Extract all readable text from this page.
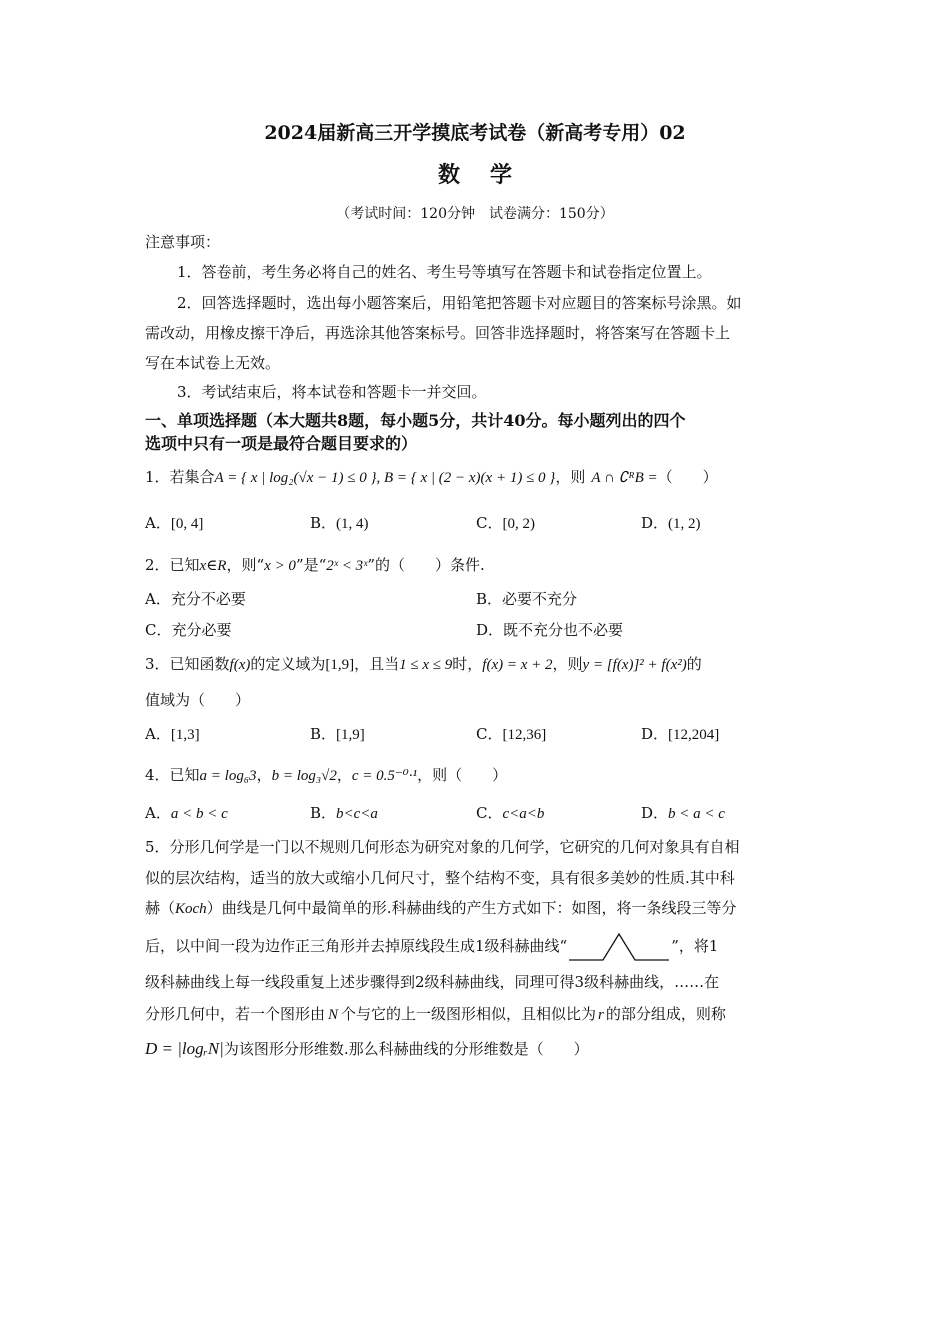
2024届新高三开学摸底考试卷（新高考专用）02
数学
（考试时间：120分钟　试卷满分：150分）
注意事项：
1．答卷前，考生务必将自己的姓名、考生号等填写在答题卡和试卷指定位置上。
2．回答选择题时，选出每小题答案后，用铅笔把答题卡对应题目的答案标号涂黑。如
需改动，用橡皮擦干净后，再选涂其他答案标号。回答非选择题时，将答案写在答题卡上
写在本试卷上无效。
3．考试结束后，将本试卷和答题卡一并交回。
一、单项选择题（本大题共8题，每小题5分，共计40分。每小题列出的四个
选项中只有一项是最符合题目要求的）
1．若集合A = { x | log₂(√x − 1) ≤ 0 }, B = { x | (2 − x)(x + 1) ≤ 0 }，则 A ∩ ∁ᴿB =（　　）
A．[0, 4]	B．(1, 4)	C．[0, 2)	D．(1, 2)
2．已知x∈R，则“x > 0”是“2ˣ < 3ˣ”的（　　）条件.
A．充分不必要	B．必要不充分
C．充分必要	D．既不充分也不必要
3．已知函数f(x)的定义域为[1,9]，且当1 ≤ x ≤ 9时，f(x) = x + 2，则y = [f(x)]² + f(x²)的
值域为（　　）
A．[1,3]	B．[1,9]	C．[12,36]	D．[12,204]
4．已知a = log₆3，b = log₃√2，c = 0.5⁻⁰·¹，则（　　）
A．a < b < c	B．b<c<a	C．c<a<b	D．b < a < c
5．分形几何学是一门以不规则几何形态为研究对象的几何学，它研究的几何对象具有自相
似的层次结构，适当的放大或缩小几何尺寸，整个结构不变，具有很多美妙的性质.其中科
赫（Koch）曲线是几何中最简单的形.科赫曲线的产生方式如下：如图，将一条线段三等分
后，以中间一段为边作正三角形并去掉原线段生成1级科赫曲线“	”，将1
级科赫曲线上每一线段重复上述步骤得到2级科赫曲线，同理可得3级科赫曲线，……在
分形几何中，若一个图形由 N 个与它的上一级图形相似，且相似比为 r 的部分组成，则称
D = |logᵣN|为该图形分形维数.那么科赫曲线的分形维数是（　　）
